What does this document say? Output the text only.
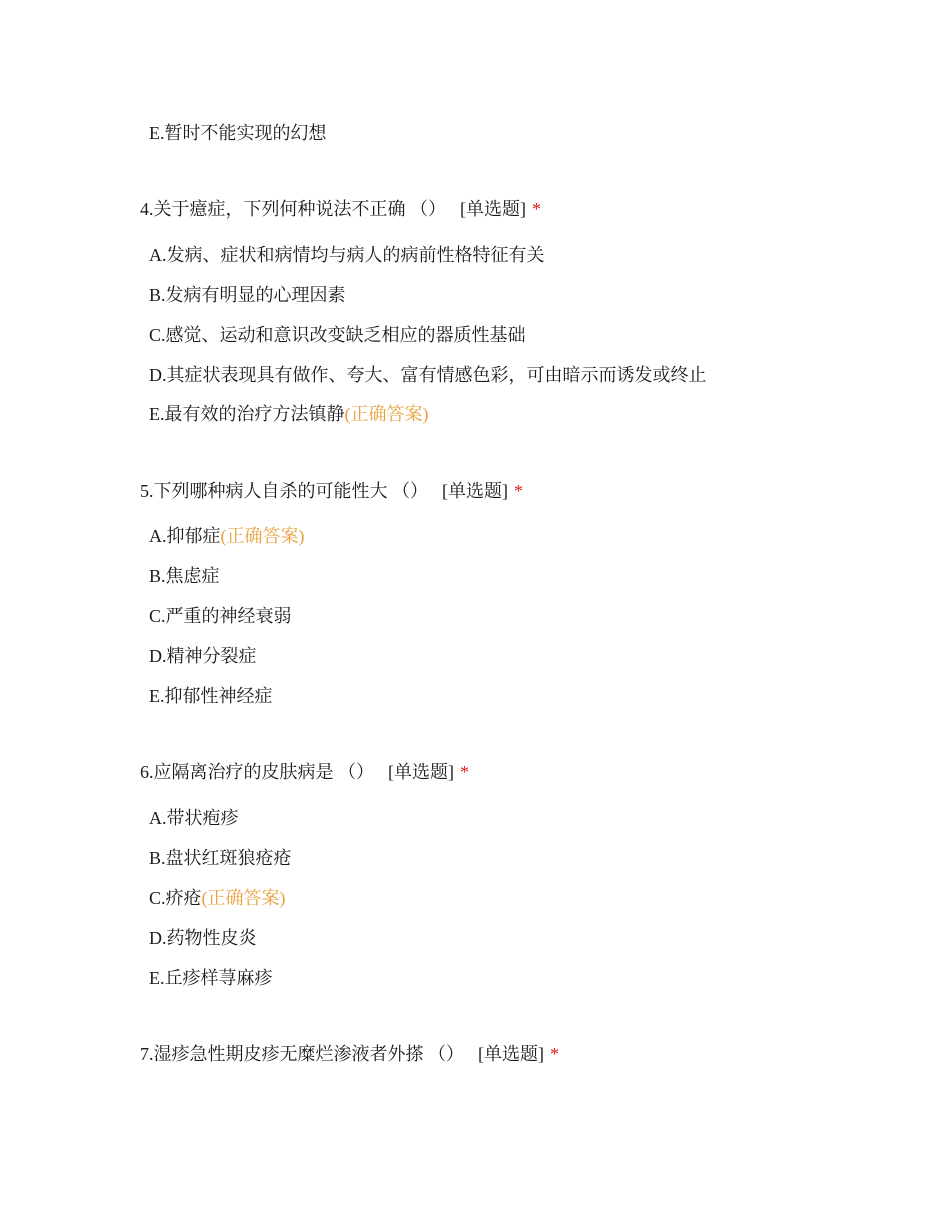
E.暂时不能实现的幻想
4.关于癔症，下列何种说法不正确 （） [单选题] *
A.发病、症状和病情均与病人的病前性格特征有关
B.发病有明显的心理因素
C.感觉、运动和意识改变缺乏相应的器质性基础
D.其症状表现具有做作、夸大、富有情感色彩，可由暗示而诱发或终止
E.最有效的治疗方法镇静(正确答案)
5.下列哪种病人自杀的可能性大 （） [单选题] *
A.抑郁症(正确答案)
B.焦虑症
C.严重的神经衰弱
D.精神分裂症
E.抑郁性神经症
6.应隔离治疗的皮肤病是 （） [单选题] *
A.带状疱疹
B.盘状红斑狼疮疮
C.疥疮(正确答案)
D.药物性皮炎
E.丘疹样荨麻疹
7.湿疹急性期皮疹无糜烂渗液者外搽 （） [单选题] *
